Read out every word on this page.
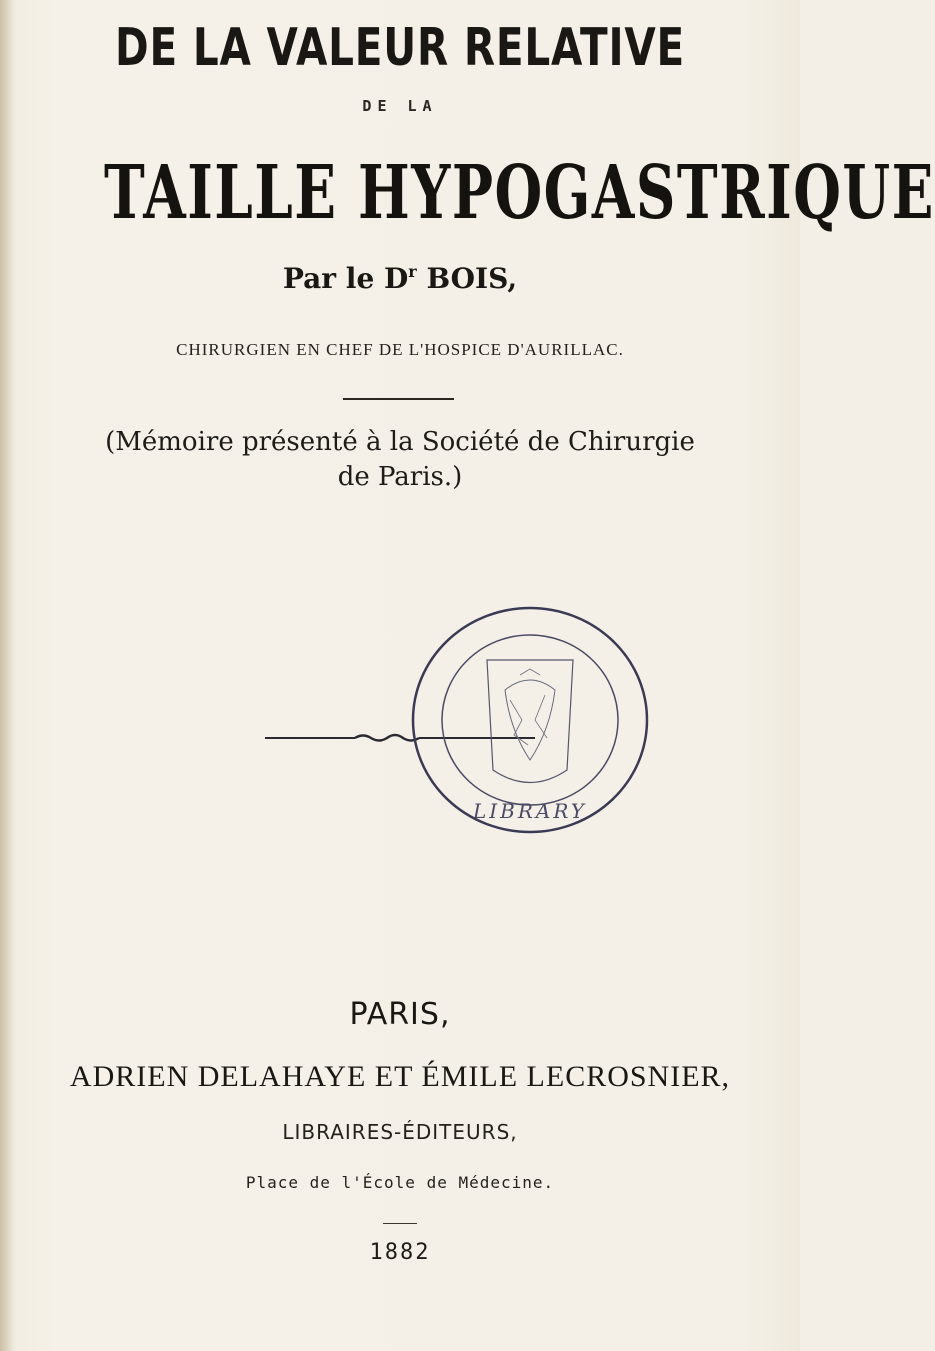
DE LA VALEUR RELATIVE
DE LA
TAILLE HYPOGASTRIQUE
Par le $D^r$ BOIS,
CHIRURGIEN EN CHEF DE L'HOSPICE D'AURILLAC.
(Mémoire présenté à la Société de Chirurgie
de Paris.)
LIBRARY
PARIS,
ADRIEN DELAHAYE ET ÉMILE LECROSNIER,
LIBRAIRES-ÉDITEURS,
Place de l'École de Médecine.
1882
